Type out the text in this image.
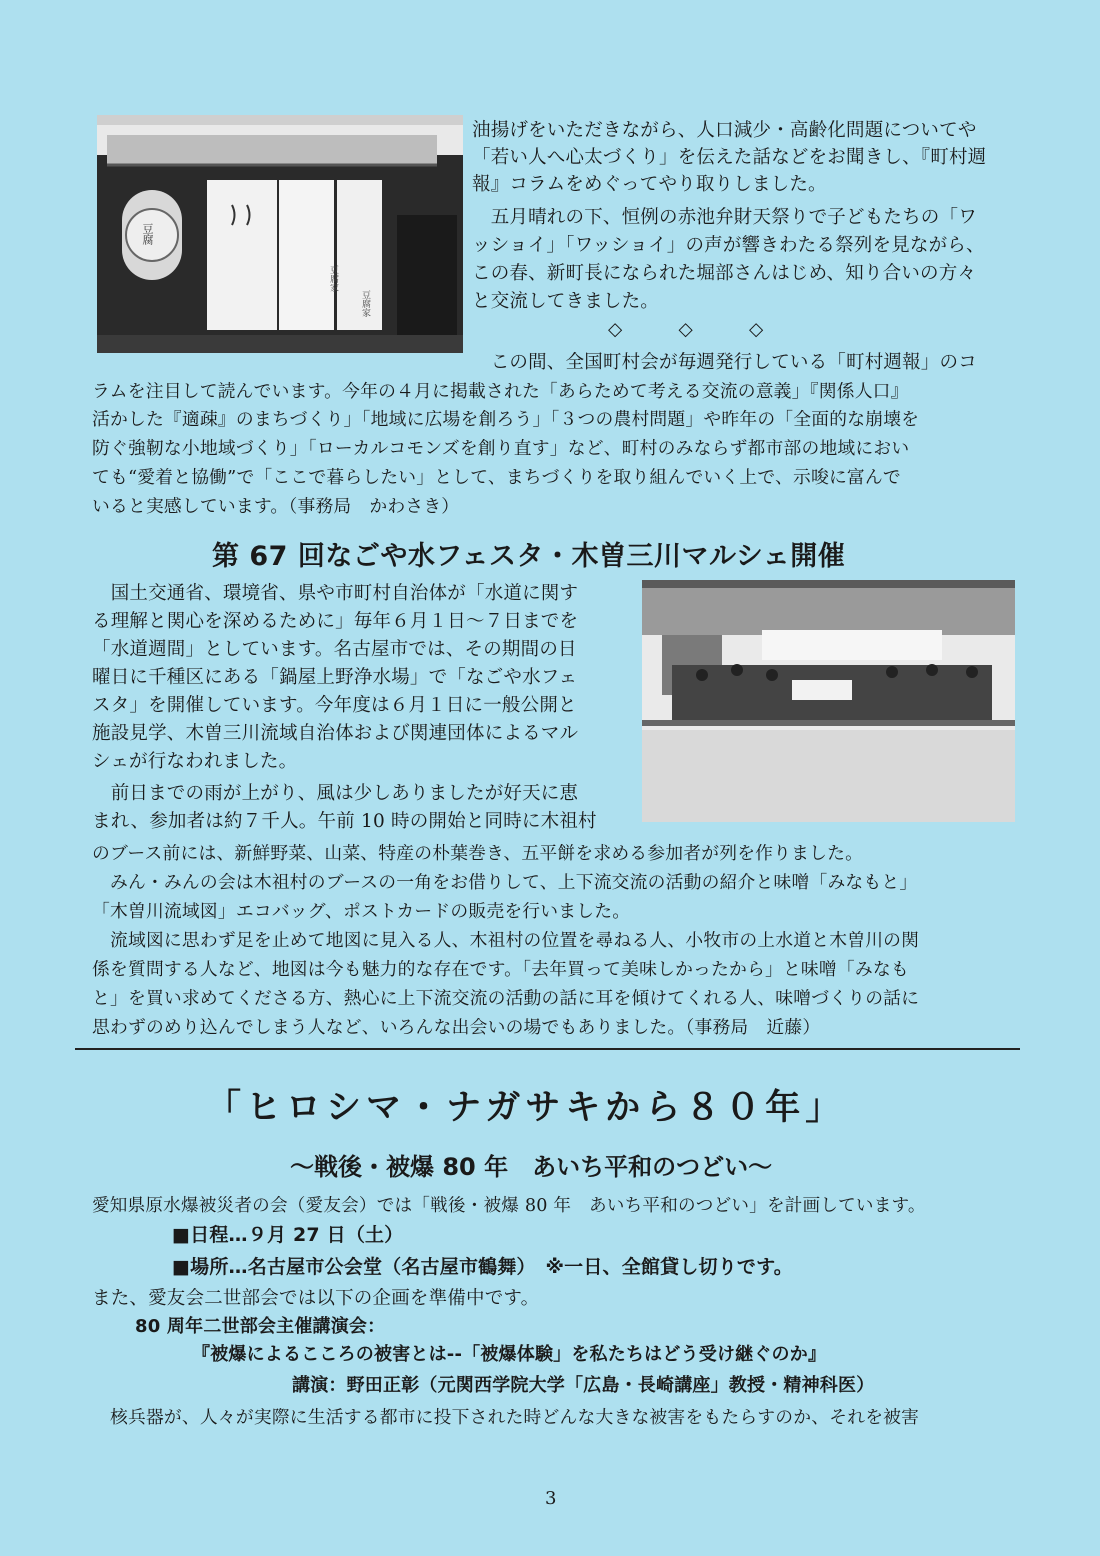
豆腐
豆腐家
豆腐家
油揚げをいただきながら、人口減少・高齢化問題についてや
「若い人へ心太づくり」を伝えた話などをお聞きし、『町村週
報』コラムをめぐってやり取りしました。
　五月晴れの下、恒例の赤池弁財天祭りで子どもたちの「ワ
ッショイ」「ワッショイ」の声が響きわたる祭列を見ながら、
この春、新町長になられた堀部さんはじめ、知り合いの方々
と交流してきました。
◇　　　◇　　　◇
　この間、全国町村会が毎週発行している「町村週報」のコ
ラムを注目して読んでいます。今年の４月に掲載された「あらためて考える交流の意義」『関係人口』
活かした『適疎』のまちづくり」「地域に広場を創ろう」「３つの農村問題」や昨年の「全面的な崩壊を
防ぐ強靭な小地域づくり」「ローカルコモンズを創り直す」など、町村のみならず都市部の地域におい
ても“愛着と協働”で「ここで暮らしたい」として、まちづくりを取り組んでいく上で、示唆に富んで
いると実感しています。（事務局　かわさき）
第 67 回なごや水フェスタ・木曽三川マルシェ開催
　国土交通省、環境省、県や市町村自治体が「水道に関す
る理解と関心を深めるために」毎年６月１日～７日までを
「水道週間」としています。名古屋市では、その期間の日
曜日に千種区にある「鍋屋上野浄水場」で「なごや水フェ
スタ」を開催しています。今年度は６月１日に一般公開と
施設見学、木曽三川流域自治体および関連団体によるマル
シェが行なわれました。
　前日までの雨が上がり、風は少しありましたが好天に恵
まれ、参加者は約７千人。午前 10 時の開始と同時に木祖村
のブース前には、新鮮野菜、山菜、特産の朴葉巻き、五平餅を求める参加者が列を作りました。
　みん・みんの会は木祖村のブースの一角をお借りして、上下流交流の活動の紹介と味噌「みなもと」
「木曽川流域図」エコバッグ、ポストカードの販売を行いました。
　流域図に思わず足を止めて地図に見入る人、木祖村の位置を尋ねる人、小牧市の上水道と木曽川の関
係を質問する人など、地図は今も魅力的な存在です。「去年買って美味しかったから」と味噌「みなも
と」を買い求めてくださる方、熱心に上下流交流の活動の話に耳を傾けてくれる人、味噌づくりの話に
思わずのめり込んでしまう人など、いろんな出会いの場でもありました。（事務局　近藤）
「ヒロシマ・ナガサキから８０年」
～戦後・被爆 80 年　あいち平和のつどい～
愛知県原水爆被災者の会（愛友会）では「戦後・被爆 80 年　あいち平和のつどい」を計画しています。
■日程…９月 27 日（土）
■場所…名古屋市公会堂（名古屋市鶴舞）　※一日、全館貸し切りです。
また、愛友会二世部会では以下の企画を準備中です。
80 周年二世部会主催講演会：
『被爆によるこころの被害とは--「被爆体験」を私たちはどう受け継ぐのか』
講演：野田正彰（元関西学院大学「広島・長崎講座」教授・精神科医）
　核兵器が、人々が実際に生活する都市に投下された時どんな大きな被害をもたらすのか、それを被害
3
